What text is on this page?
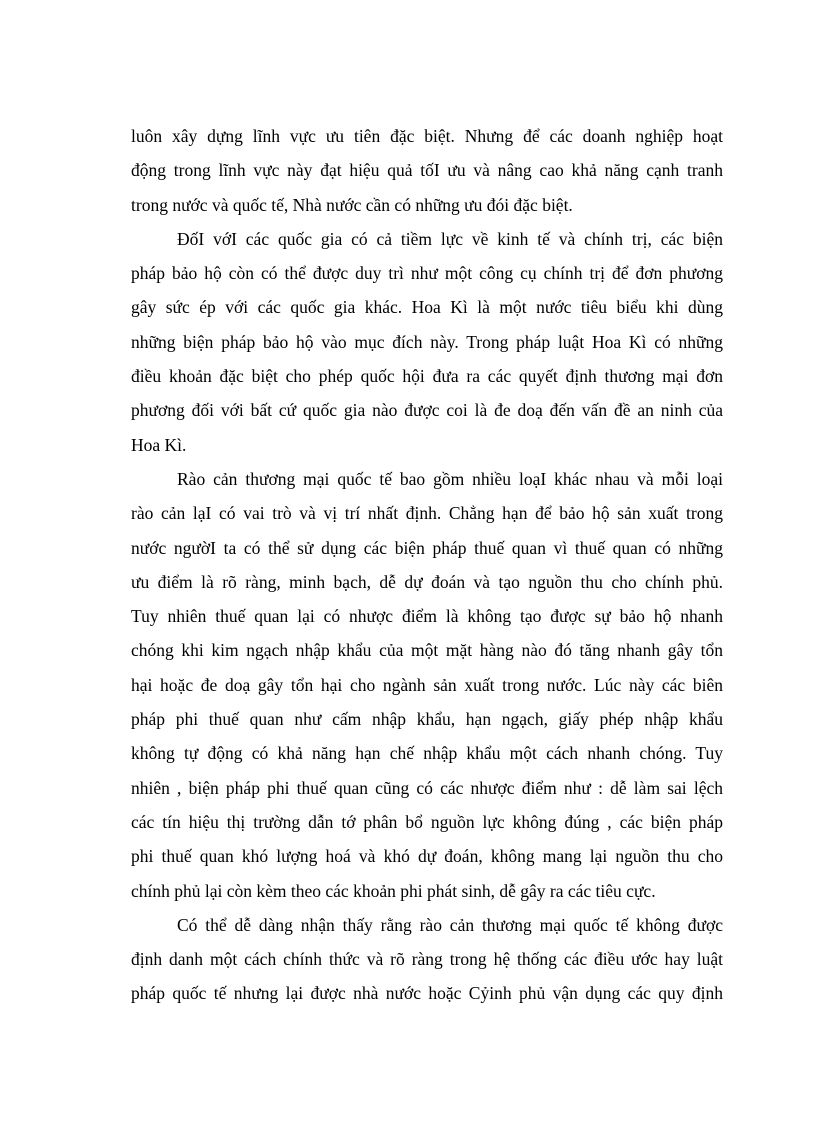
luôn xây dựng lĩnh vực ưu tiên đặc biệt. Nhưng để các doanh nghiệp hoạt
động trong lĩnh vực này đạt hiệu quả tốI ưu và nâng cao khả năng cạnh tranh
trong nước và quốc tế, Nhà nước cần có những ưu đói đặc biệt.
ĐốI vớI các quốc gia có cả tiềm lực về kinh tế và chính trị, các biện
pháp bảo hộ còn có thể được duy trì như một công cụ chính trị để đơn phương
gây sức ép với các quốc gia khác. Hoa Kì là một nước tiêu biểu khi dùng
những biện pháp bảo hộ vào mục đích này. Trong pháp luật Hoa Kì có những
điều khoản đặc biệt cho phép quốc hội đưa ra các quyết định thương mại đơn
phương đối với bất cứ quốc gia nào được coi là đe doạ đến vấn đề an ninh của
Hoa Kì.
Rào cản thương mại quốc tế bao gồm nhiều loạI khác nhau và mỗi loại
rào cản lạI có vai trò và vị trí nhất định. Chẳng hạn để bảo hộ sản xuất trong
nước ngườI ta có thể sử dụng các biện pháp thuế quan vì thuế quan có những
ưu điểm là rõ ràng, minh bạch, dễ dự đoán và tạo nguồn thu cho chính phủ.
Tuy nhiên thuế quan lại có nhược điểm là không tạo được sự bảo hộ nhanh
chóng khi kim ngạch nhập khẩu của một mặt hàng nào đó tăng nhanh gây tổn
hại hoặc đe doạ gây tổn hại cho ngành sản xuất trong nước. Lúc này các biên
pháp phi thuế quan như cấm nhập khẩu, hạn ngạch, giấy phép nhập khẩu
không tự động có khả năng hạn chế nhập khẩu một cách nhanh chóng. Tuy
nhiên , biện pháp phi thuế quan cũng có các nhược điểm như : dễ làm sai lệch
các tín hiệu thị trường dẫn tớ phân bổ nguồn lực không đúng , các biện pháp
phi thuế quan khó lượng hoá và khó dự đoán, không mang lại nguồn thu cho
chính phủ lại còn kèm theo các khoản phi phát sinh, dễ gây ra các tiêu cực.
Có thể dễ dàng nhận thấy rằng rào cản thương mại quốc tế không được
định danh một cách chính thức và rõ ràng trong hệ thống các điều ước hay luật
pháp quốc tế nhưng lại được nhà nước hoặc Cỷinh phủ vận dụng các quy định
